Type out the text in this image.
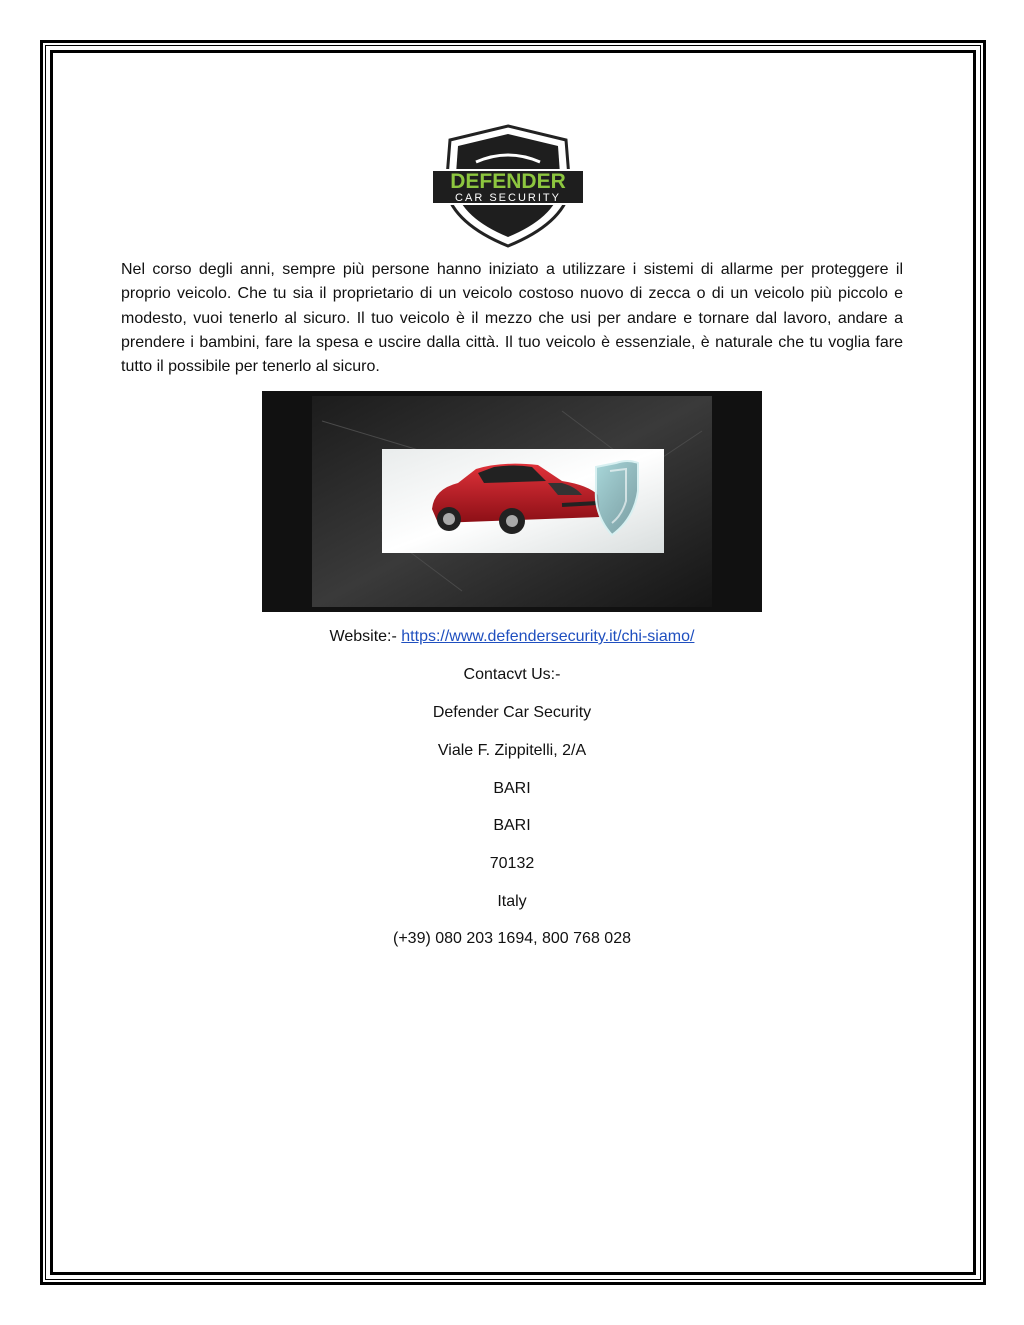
DEFENDER
CAR SECURITY

Nel corso degli anni, sempre più persone hanno iniziato a utilizzare i sistemi di allarme per proteggere il proprio veicolo. Che tu sia il proprietario di un veicolo costoso nuovo di zecca o di un veicolo più piccolo e modesto, vuoi tenerlo al sicuro. Il tuo veicolo è il mezzo che usi per andare e tornare dal lavoro, andare a prendere i bambini, fare la spesa e uscire dalla città. Il tuo veicolo è essenziale, è naturale che tu voglia fare tutto il possibile per tenerlo al sicuro.

Website:- https://www.defendersecurity.it/chi-siamo/

Contacvt Us:-

Defender Car Security

Viale F. Zippitelli, 2/A

BARI

BARI

70132

Italy

(+39) 080 203 1694, 800 768 028
